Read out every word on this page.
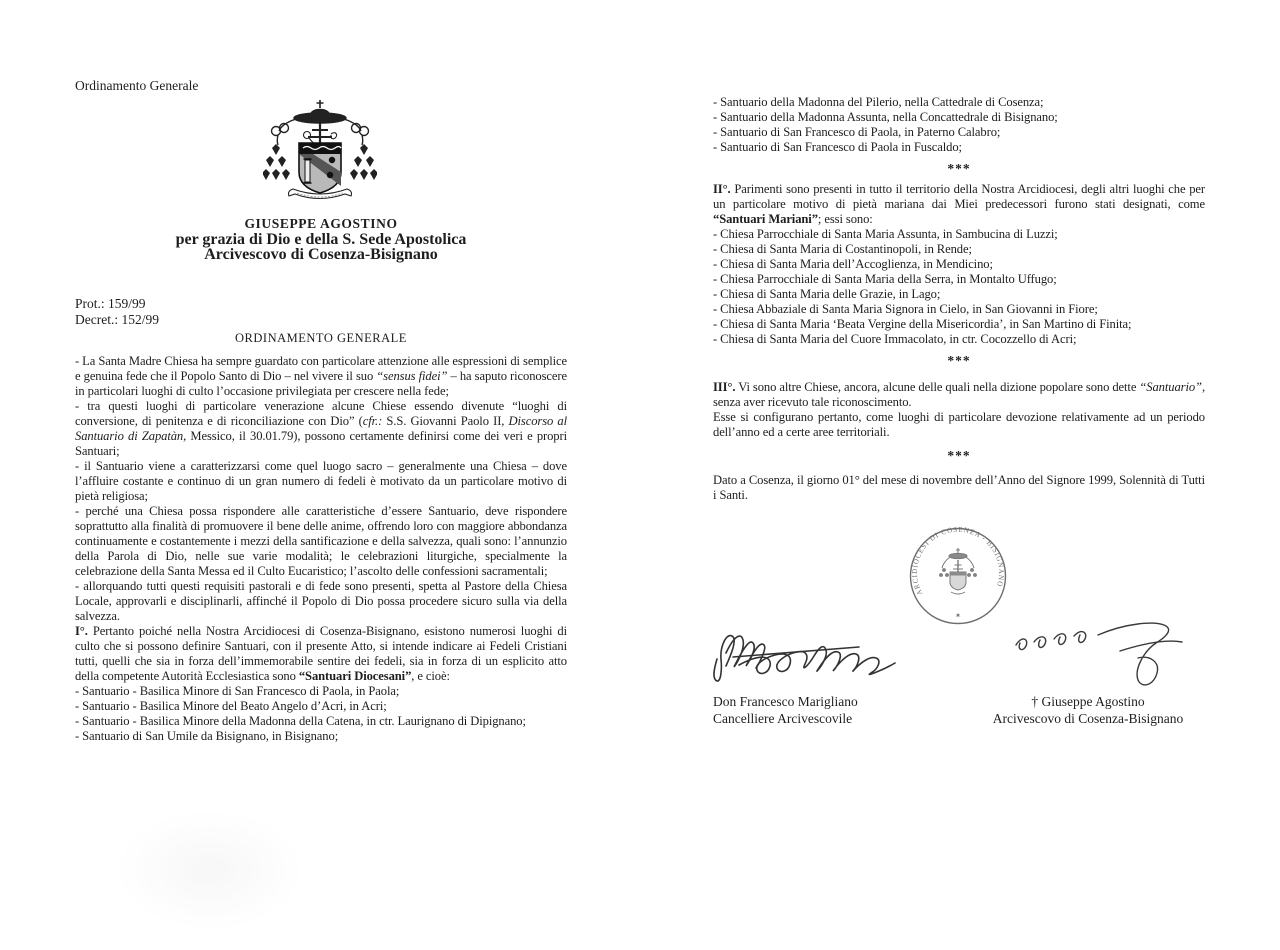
Ordinamento Generale
GIUSEPPE AGOSTINO
per grazia di Dio e della S. Sede Apostolica
Arcivescovo di Cosenza-Bisignano
Prot.: 159/99
Decret.: 152/99
ORDINAMENTO GENERALE

- La Santa Madre Chiesa ha sempre guardato con particolare attenzione alle espressioni di semplice e genuina fede che il Popolo Santo di Dio – nel vivere il suo “sensus fidei” – ha saputo riconoscere in particolari luoghi di culto l’occasione privilegiata per crescere nella fede;

- tra questi luoghi di particolare venerazione alcune Chiese essendo divenute “luoghi di conversione, di penitenza e di riconciliazione con Dio” (cfr.: S.S. Giovanni Paolo II, Discorso al Santuario di Zapatàn, Messico, il 30.01.79), possono certamente definirsi come dei veri e propri Santuari;

- il Santuario viene a caratterizzarsi come quel luogo sacro – generalmente una Chiesa – dove l’affluire costante e continuo di un gran numero di fedeli è motivato da un particolare motivo di pietà religiosa;

- perché una Chiesa possa rispondere alle caratteristiche d’essere Santuario, deve rispondere soprattutto alla finalità di promuovere il bene delle anime, offrendo loro con maggiore abbondanza continuamente e costantemente i mezzi della santificazione e della salvezza, quali sono: l’annunzio della Parola di Dio, nelle sue varie modalità; le celebrazioni liturgiche, specialmente la celebrazione della Santa Messa ed il Culto Eucaristico; l’ascolto delle confessioni sacramentali;

- allorquando tutti questi requisiti pastorali e di fede sono presenti, spetta al Pastore della Chiesa Locale, approvarli e disciplinarli, affinché il Popolo di Dio possa procedere sicuro sulla via della salvezza.

I°. Pertanto poiché nella Nostra Arcidiocesi di Cosenza-Bisignano, esistono numerosi luoghi di culto che si possono definire Santuari, con il presente Atto, si intende indicare ai Fedeli Cristiani tutti, quelli che sia in forza dell’immemorabile sentire dei fedeli, sia in forza di un esplicito atto della competente Autorità Ecclesiastica sono “Santuari Diocesani”, e cioè:

- Santuario - Basilica Minore di San Francesco di Paola, in Paola;
- Santuario - Basilica Minore del Beato Angelo d’Acri, in Acri;
- Santuario - Basilica Minore della Madonna della Catena, in ctr. Laurignano di Dipignano;
- Santuario di San Umile da Bisignano, in Bisignano;
- Santuario della Madonna del Pilerio, nella Cattedrale di Cosenza;
- Santuario della Madonna Assunta, nella Concattedrale di Bisignano;
- Santuario di San Francesco di Paola, in Paterno Calabro;
- Santuario di San Francesco di Paola in Fuscaldo;
***

II°. Parimenti sono presenti in tutto il territorio della Nostra Arcidiocesi, degli altri luoghi che per un particolare motivo di pietà mariana dai Miei predecessori furono stati designati, come “Santuari Mariani”; essi sono:

- Chiesa Parrocchiale di Santa Maria Assunta, in Sambucina di Luzzi;
- Chiesa di Santa Maria di Costantinopoli, in Rende;
- Chiesa di Santa Maria dell’Accoglienza, in Mendicino;
- Chiesa Parrocchiale di Santa Maria della Serra, in Montalto Uffugo;
- Chiesa di Santa Maria delle Grazie, in Lago;
- Chiesa Abbaziale di Santa Maria Signora in Cielo, in San Giovanni in Fiore;
- Chiesa di Santa Maria ‘Beata Vergine della Misericordia’, in San Martino di Finita;
- Chiesa di Santa Maria del Cuore Immacolato, in ctr. Cocozzello di Acri;
***

III°. Vi sono altre Chiese, ancora, alcune delle quali nella dizione popolare sono dette “Santuario”, senza aver ricevuto tale riconoscimento.

Esse si configurano pertanto, come luoghi di particolare devozione relativamente ad un periodo dell’anno ed a certe aree territoriali.

***

Dato a Cosenza, il giorno 01° del mese di novembre dell’Anno del Signore 1999, Solennità di Tutti i Santi.

ARCIDIOCESI DI COSENZA - BISIGNANO
✶
Don Francesco Marigliano
Cancelliere Arcivescovile
† Giuseppe Agostino
Arcivescovo di Cosenza-Bisignano
